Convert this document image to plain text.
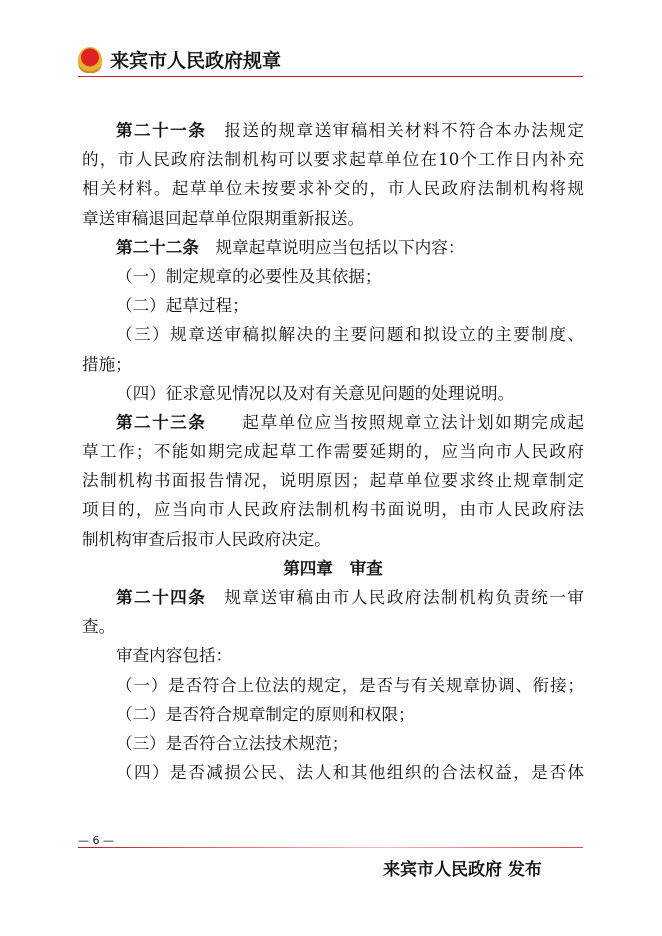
来宾市人民政府规章
第二十一条　报送的规章送审稿相关材料不符合本办法规定
的，市人民政府法制机构可以要求起草单位在10个工作日内补充
相关材料。起草单位未按要求补交的，市人民政府法制机构将规
章送审稿退回起草单位限期重新报送。
第二十二条　规章起草说明应当包括以下内容：
（一）制定规章的必要性及其依据；
（二）起草过程；
（三）规章送审稿拟解决的主要问题和拟设立的主要制度、
措施；
（四）征求意见情况以及对有关意见问题的处理说明。
第二十三条　　起草单位应当按照规章立法计划如期完成起
草工作；不能如期完成起草工作需要延期的，应当向市人民政府
法制机构书面报告情况，说明原因；起草单位要求终止规章制定
项目的，应当向市人民政府法制机构书面说明，由市人民政府法
制机构审查后报市人民政府决定。
第四章　审查
第二十四条　规章送审稿由市人民政府法制机构负责统一审
查。
审查内容包括：
（一）是否符合上位法的规定，是否与有关规章协调、衔接；
（二）是否符合规章制定的原则和权限；
（三）是否符合立法技术规范；
（四）是否减损公民、法人和其他组织的合法权益，是否体
— 6 —
来宾市人民政府 发布
